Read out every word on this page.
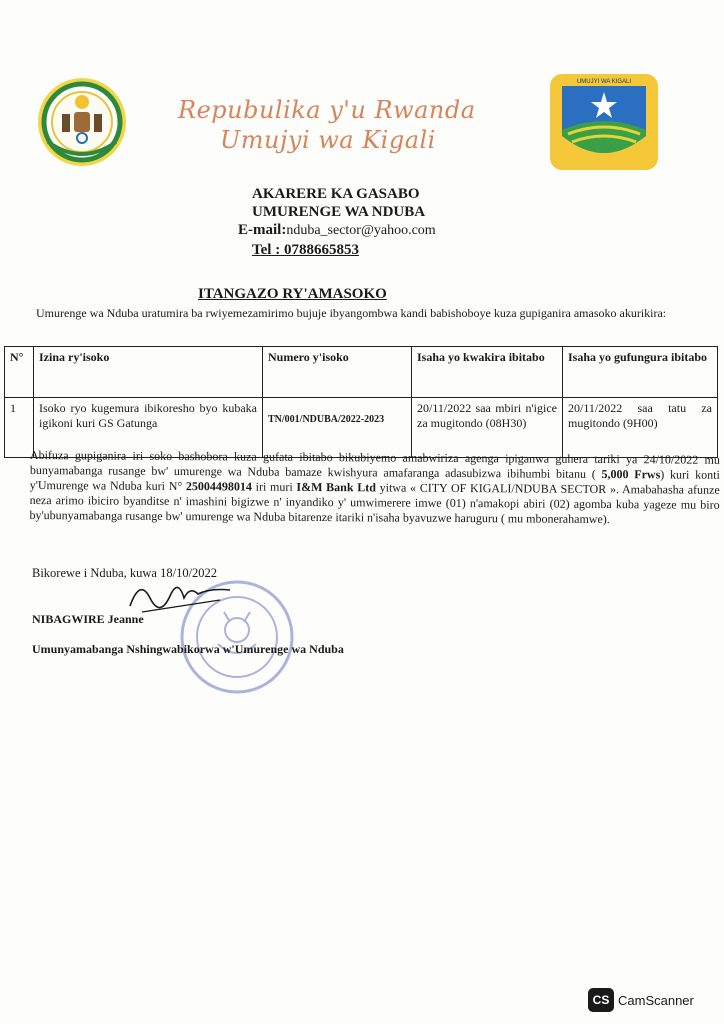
Repubulika y'u Rwanda
Umujyi wa Kigali
UMUJYI WA KIGALI
AKARERE KA GASABO
UMURENGE WA NDUBA
E-mail:nduba_sector@yahoo.com
Tel : 0788665853
ITANGAZO RY'AMASOKO
Umurenge wa Nduba uratumira ba rwiyemezamirimo bujuje ibyangombwa kandi babishoboye kuza gupiganira amasoko akurikira:
N°	Izina ry'isoko	Numero y'isoko	Isaha yo kwakira ibitabo	Isaha yo gufungura ibitabo
1	Isoko ryo kugemura ibikoresho byo kubaka igikoni kuri GS Gatunga	TN/001/NDUBA/2022-2023	20/11/2022 saa mbiri n'igice za mugitondo (08H30)	20/11/2022 saa tatu za mugitondo (9H00)
Abifuza gupiganira iri soko bashobora kuza gufata ibitabo bikubiyemo amabwiriza agenga ipiganwa guhera tariki ya 24/10/2022 mu bunyamabanga rusange bw' umurenge wa Nduba bamaze kwishyura amafaranga adasubizwa ibihumbi bitanu ( 5,000 Frws) kuri konti y'Umurenge wa Nduba kuri N° 25004498014 iri muri I&M Bank Ltd yitwa « CITY OF KIGALI/NDUBA SECTOR ». Amabahasha afunze neza arimo ibiciro byanditse n' imashini bigizwe n' inyandiko y' umwimerere imwe (01) n'amakopi abiri (02) agomba kuba yageze mu biro by'ubunyamabanga rusange bw' umurenge wa Nduba bitarenze itariki n'isaha byavuzwe haruguru ( mu mbonerahamwe).
Bikorewe i Nduba, kuwa 18/10/2022
NIBAGWIRE Jeanne
Umunyamabanga Nshingwabikorwa w'Umurenge wa Nduba
CS CamScanner
